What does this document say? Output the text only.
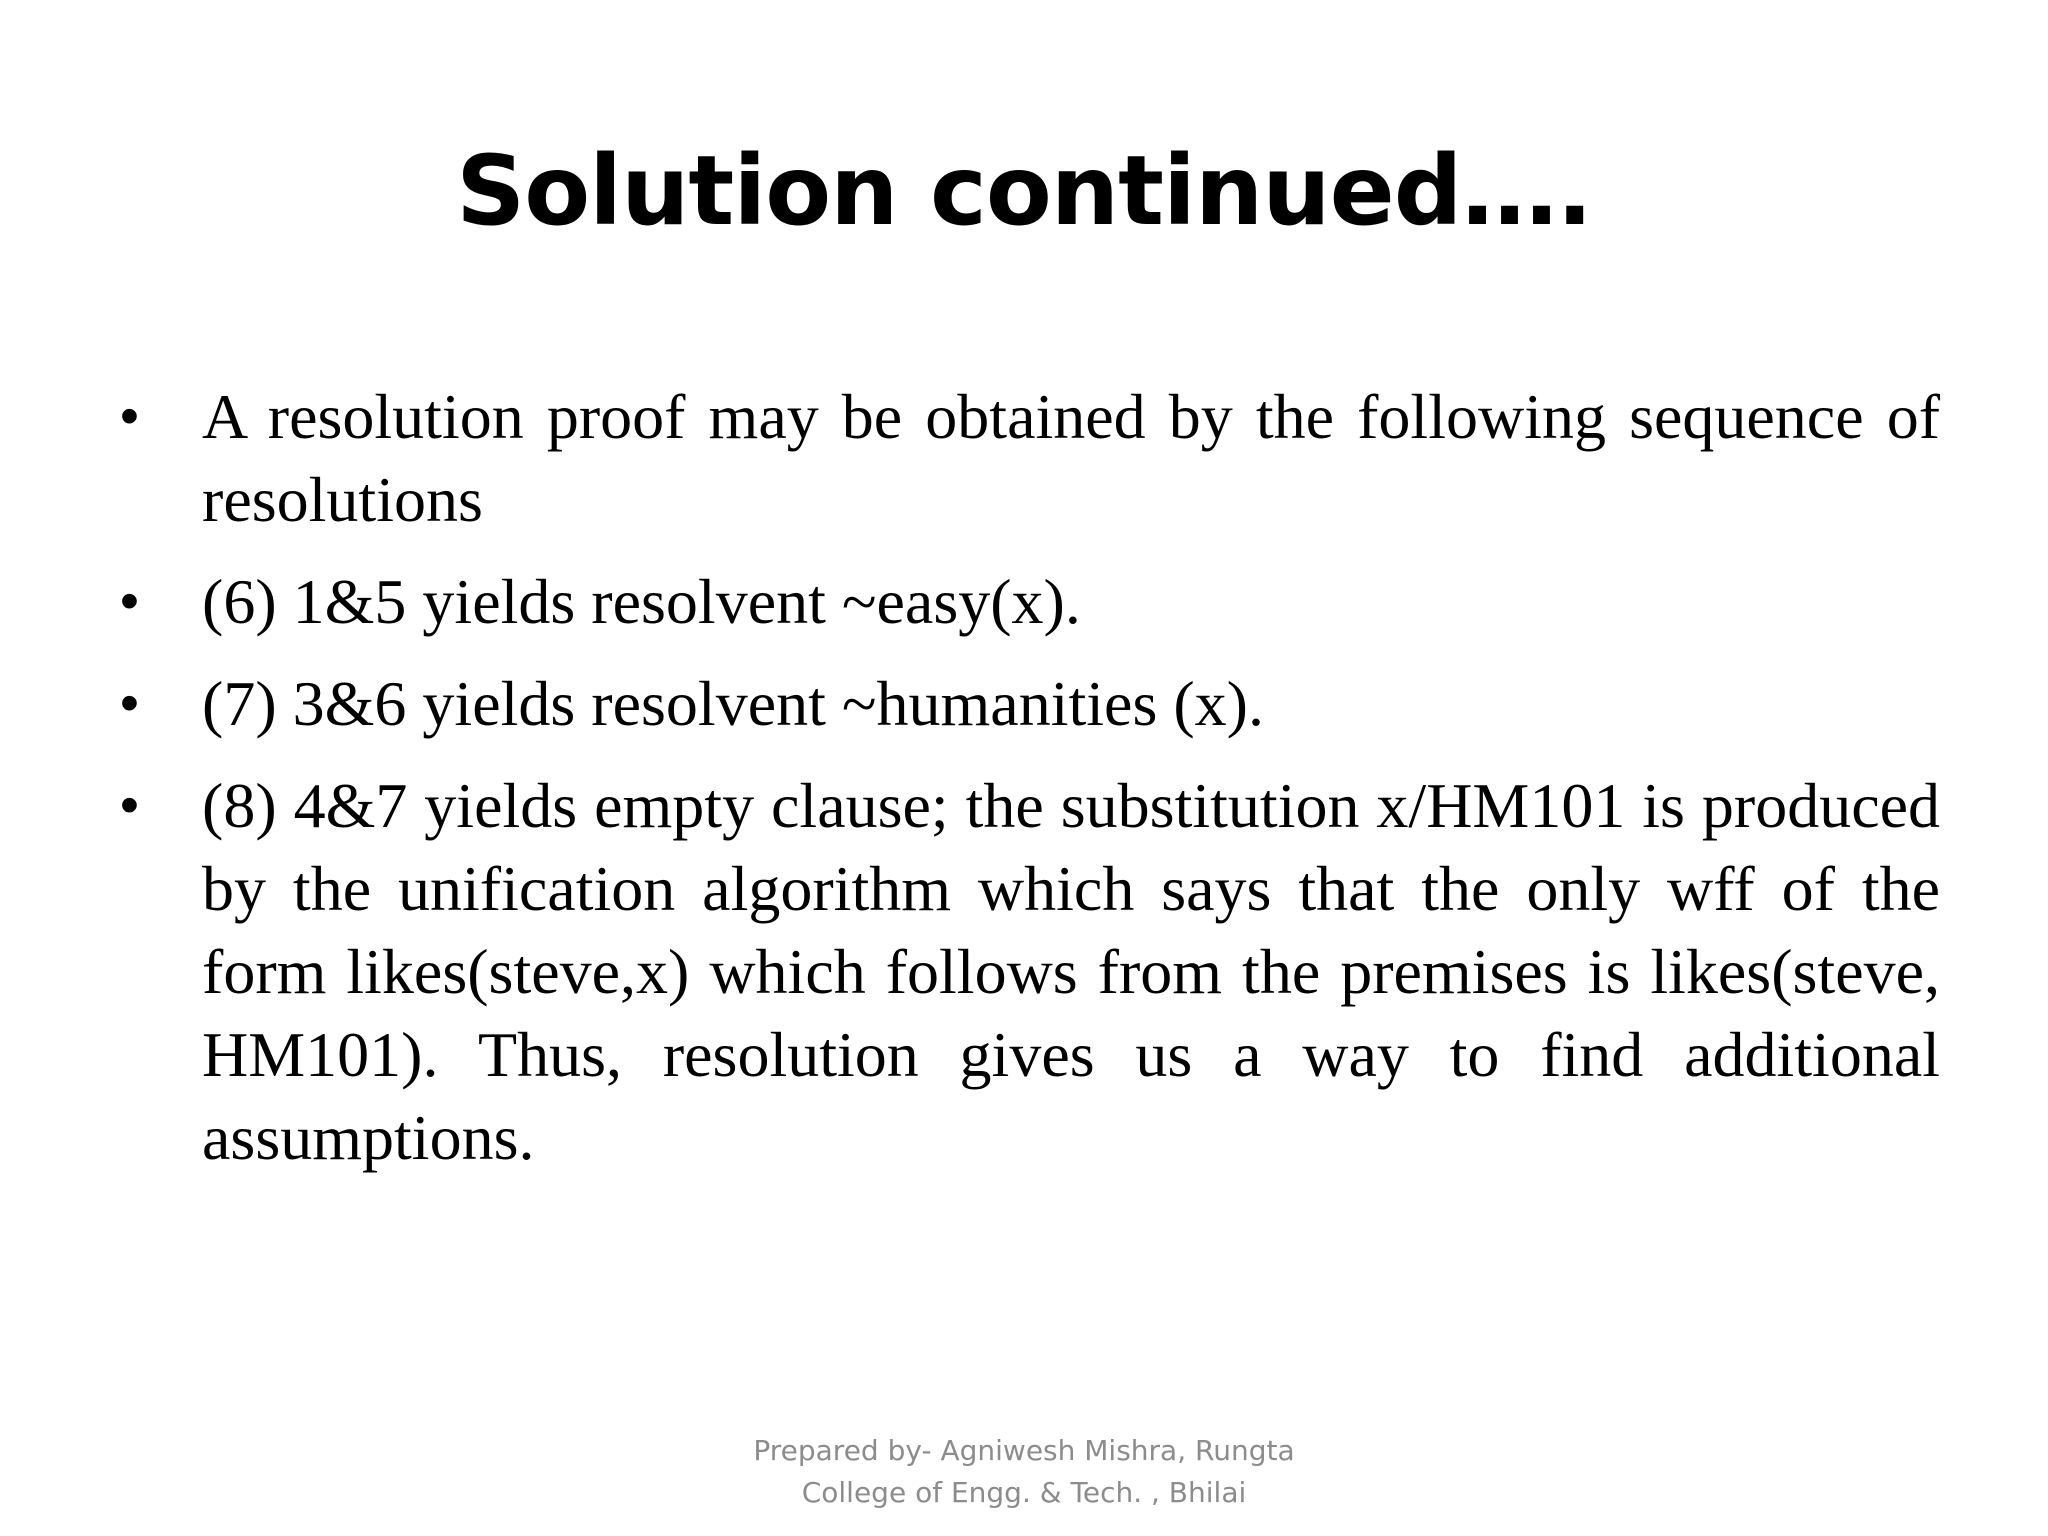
Solution continued….
• A resolution proof may be obtained by the following sequence of resolutions
• (6) 1&5 yields resolvent ~easy(x).
• (7) 3&6 yields resolvent ~humanities (x).
• (8) 4&7 yields empty clause; the substitution x/HM101 is produced by the unification algorithm which says that the only wff of the form likes(steve,x) which follows from the premises is likes(steve, HM101). Thus, resolution gives us a way to find additional assumptions.
Prepared by- Agniwesh Mishra, Rungta
College of Engg. & Tech. , Bhilai
